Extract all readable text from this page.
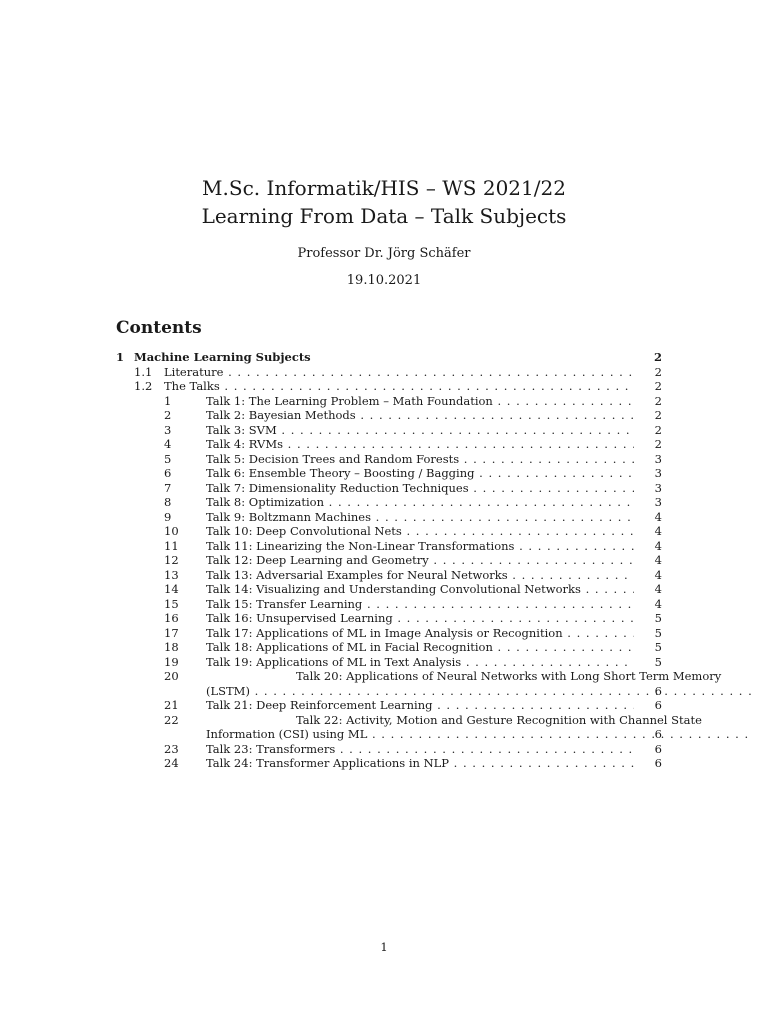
M.Sc. Informatik/HIS – WS 2021/22
Learning From Data – Talk Subjects
Professor Dr. Jörg Schäfer
19.10.2021
Contents
1 Machine Learning Subjects	2
1.1 Literature . . .	2
1.2 The Talks . . .	2
1	Talk 1: The Learning Problem – Math Foundation . . .	2
2	Talk 2: Bayesian Methods . . .	2
3	Talk 3: SVM . . .	2
4	Talk 4: RVMs . . .	2
5	Talk 5: Decision Trees and Random Forests . . .	3
6	Talk 6: Ensemble Theory – Boosting / Bagging . . .	3
7	Talk 7: Dimensionality Reduction Techniques . . .	3
8	Talk 8: Optimization . . .	3
9	Talk 9: Boltzmann Machines . . .	4
10 Talk 10: Deep Convolutional Nets . . .	4
11 Talk 11: Linearizing the Non-Linear Transformations . . .	4
12 Talk 12: Deep Learning and Geometry . . .	4
13 Talk 13: Adversarial Examples for Neural Networks . . .	4
14 Talk 14: Visualizing and Understanding Convolutional Networks . . .	4
15 Talk 15: Transfer Learning . . .	4
16 Talk 16: Unsupervised Learning . . .	5
17 Talk 17: Applications of ML in Image Analysis or Recognition . . .	5
18 Talk 18: Applications of ML in Facial Recognition . . .	5
19 Talk 19: Applications of ML in Text Analysis . . .	5
20	Talk 20: Applications of Neural Networks with Long Short Term Memory
(LSTM) . . .	6
21 Talk 21: Deep Reinforcement Learning . . .	6
22	Talk 22: Activity, Motion and Gesture Recognition with Channel State
Information (CSI) using ML . . .	6
23 Talk 23: Transformers . . .	6
24 Talk 24: Transformer Applications in NLP . . .	6
1
